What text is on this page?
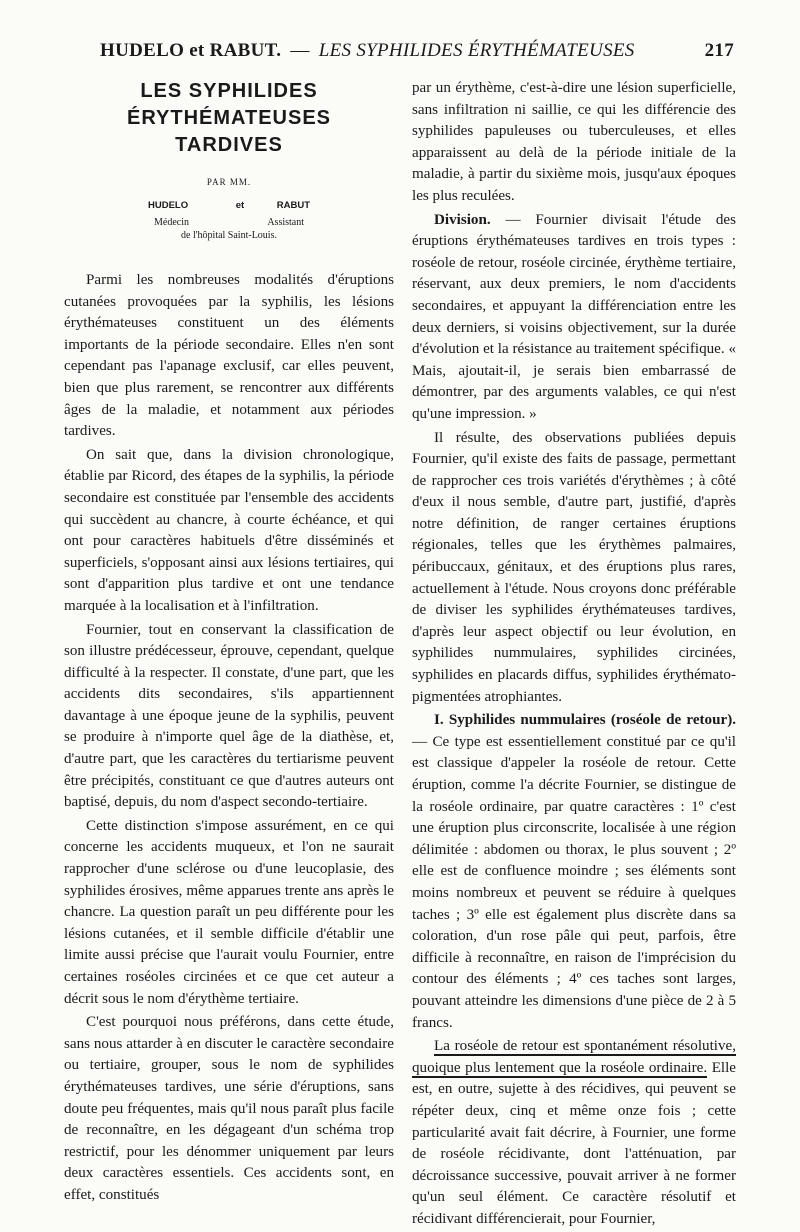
HUDELO et RABUT. — LES SYPHILIDES ÉRYTHÉMATEUSES	217
LES SYPHILIDES
ÉRYTHÉMATEUSES
TARDIVES
PAR MM.
HUDELO	et	RABUT
Médecin	Assistant
de l'hôpital Saint-Louis.

Parmi les nombreuses modalités d'éruptions cutanées provoquées par la syphilis, les lésions érythémateuses constituent un des éléments importants de la période secondaire. Elles n'en sont cependant pas l'apanage exclusif, car elles peuvent, bien que plus rarement, se rencontrer aux différents âges de la maladie, et notamment aux périodes tardives.

On sait que, dans la division chronologique, établie par Ricord, des étapes de la syphilis, la période secondaire est constituée par l'ensemble des accidents qui succèdent au chancre, à courte échéance, et qui ont pour caractères habituels d'être disséminés et superficiels, s'opposant ainsi aux lésions tertiaires, qui sont d'apparition plus tardive et ont une tendance marquée à la localisation et à l'infiltration.

Fournier, tout en conservant la classification de son illustre prédécesseur, éprouve, cependant, quelque difficulté à la respecter. Il constate, d'une part, que les accidents dits secondaires, s'ils appartiennent davantage à une époque jeune de la syphilis, peuvent se produire à n'importe quel âge de la diathèse, et, d'autre part, que les caractères du tertiarisme peuvent être précipités, constituant ce que d'autres auteurs ont baptisé, depuis, du nom d'aspect secondo-tertiaire.

Cette distinction s'impose assurément, en ce qui concerne les accidents muqueux, et l'on ne saurait rapprocher d'une sclérose ou d'une leucoplasie, des syphilides érosives, même apparues trente ans après le chancre. La question paraît un peu différente pour les lésions cutanées, et il semble difficile d'établir une limite aussi précise que l'aurait voulu Fournier, entre certaines roséoles circinées et ce que cet auteur a décrit sous le nom d'érythème tertiaire.

C'est pourquoi nous préférons, dans cette étude, sans nous attarder à en discuter le caractère secondaire ou tertiaire, grouper, sous le nom de syphilides érythémateuses tardives, une série d'éruptions, sans doute peu fréquentes, mais qu'il nous paraît plus facile de reconnaître, en les dégageant d'un schéma trop restrictif, pour les dénommer uniquement par leurs deux caractères essentiels. Ces accidents sont, en effet, constitués

par un érythème, c'est-à-dire une lésion superficielle, sans infiltration ni saillie, ce qui les différencie des syphilides papuleuses ou tuberculeuses, et elles apparaissent au delà de la période initiale de la maladie, à partir du sixième mois, jusqu'aux époques les plus reculées.

Division. — Fournier divisait l'étude des éruptions érythémateuses tardives en trois types : roséole de retour, roséole circinée, érythème tertiaire, réservant, aux deux premiers, le nom d'accidents secondaires, et appuyant la différenciation entre les deux derniers, si voisins objectivement, sur la durée d'évolution et la résistance au traitement spécifique. « Mais, ajoutait-il, je serais bien embarrassé de démontrer, par des arguments valables, ce qui n'est qu'une impression. »

Il résulte, des observations publiées depuis Fournier, qu'il existe des faits de passage, permettant de rapprocher ces trois variétés d'érythèmes ; à côté d'eux il nous semble, d'autre part, justifié, d'après notre définition, de ranger certaines éruptions régionales, telles que les érythèmes palmaires, péribuccaux, génitaux, et des éruptions plus rares, actuellement à l'étude. Nous croyons donc préférable de diviser les syphilides érythémateuses tardives, d'après leur aspect objectif ou leur évolution, en syphilides nummulaires, syphilides circinées, syphilides en placards diffus, syphilides érythémato-pigmentées atrophiantes.

I. Syphilides nummulaires (roséole de retour). — Ce type est essentiellement constitué par ce qu'il est classique d'appeler la roséole de retour. Cette éruption, comme l'a décrite Fournier, se distingue de la roséole ordinaire, par quatre caractères : 1º c'est une éruption plus circonscrite, localisée à une région délimitée : abdomen ou thorax, le plus souvent ; 2º elle est de confluence moindre ; ses éléments sont moins nombreux et peuvent se réduire à quelques taches ; 3º elle est également plus discrète dans sa coloration, d'un rose pâle qui peut, parfois, être difficile à reconnaître, en raison de l'imprécision du contour des éléments ; 4º ces taches sont larges, pouvant atteindre les dimensions d'une pièce de 2 à 5 francs.

La roséole de retour est spontanément résolutive, quoique plus lentement que la roséole ordinaire. Elle est, en outre, sujette à des récidives, qui peuvent se répéter deux, cinq et même onze fois ; cette particularité avait fait décrire, à Fournier, une forme de roséole récidivante, dont l'atténuation, par décroissance successive, pouvait arriver à ne former qu'un seul élément. Ce caractère résolutif et récidivant différencierait, pour Fournier,
